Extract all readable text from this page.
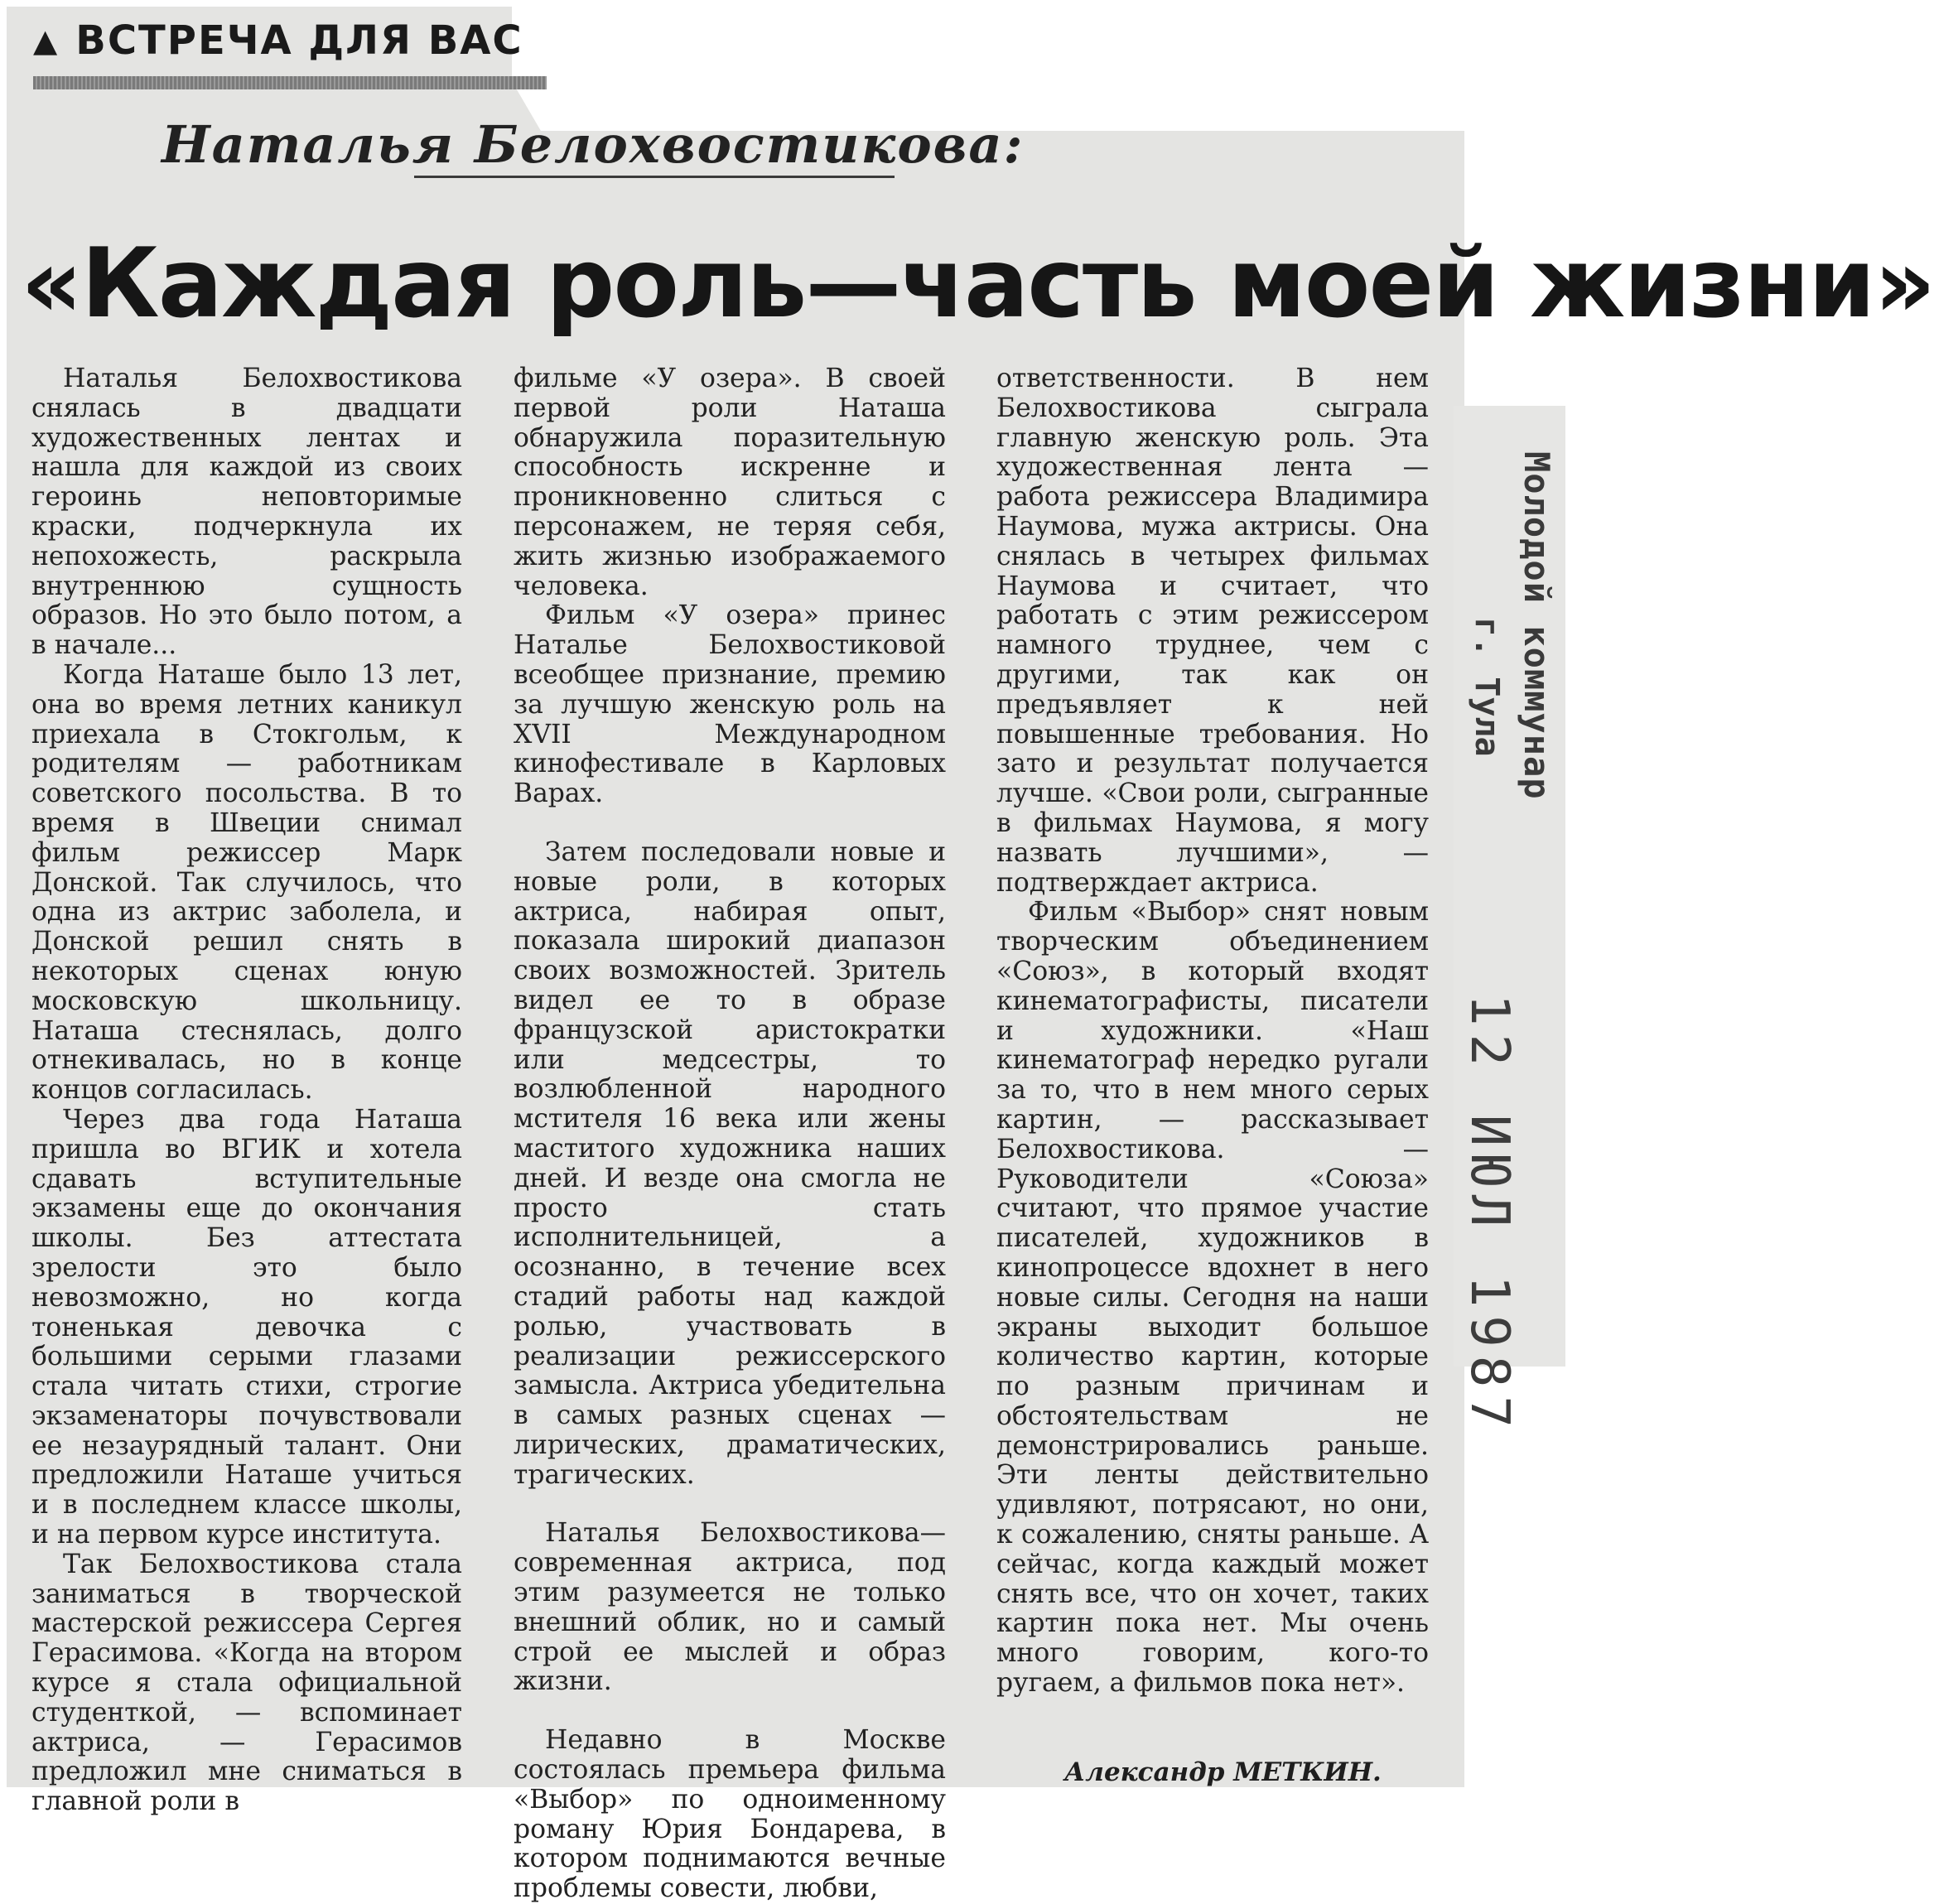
▲ ВСТРЕЧА ДЛЯ ВАС
Наталья Белохвостикова:
«Каждая роль—часть моей жизни»

Наталья Белохвостикова снялась в двадцати художественных лентах и нашла для каждой из своих героинь неповторимые краски, подчеркнула их непохожесть, раскрыла внутреннюю сущность образов. Но это было потом, а в начале...

Когда Наташе было 13 лет, она во время летних каникул приехала в Стокгольм, к родителям — работникам советского посольства. В то время в Швеции снимал фильм режиссер Марк Донской. Так случилось, что одна из актрис заболела, и Донской решил снять в некоторых сценах юную московскую школьницу. Наташа стеснялась, долго отнекивалась, но в конце концов согласилась.

Через два года Наташа пришла во ВГИК и хотела сдавать вступительные экзамены еще до окончания школы. Без аттестата зрелости это было невозможно, но когда тоненькая девочка с большими серыми глазами стала читать стихи, строгие экзаменаторы почувствовали ее незаурядный талант. Они предложили Наташе учиться и в последнем классе школы, и на первом курсе института.

Так Белохвостикова стала заниматься в творческой мастерской режиссера Сергея Герасимова. «Когда на втором курсе я стала официальной студенткой, — вспоминает актриса, — Герасимов предложил мне сниматься в главной роли в

фильме «У озера». В своей первой роли Наташа обнаружила поразительную способность искренне и проникновенно слиться с персонажем, не теряя себя, жить жизнью изображаемого человека.

Фильм «У озера» принес Наталье Белохвостиковой всеобщее признание, премию за лучшую женскую роль на XVII Международном кинофестивале в Карловых Варах.

Затем последовали новые и новые роли, в которых актриса, набирая опыт, показала широкий диапазон своих возможностей. Зритель видел ее то в образе французской аристократки или медсестры, то возлюбленной народного мстителя 16 века или жены маститого художника наших дней. И везде она смогла не просто стать исполнительницей, а осознанно, в течение всех стадий работы над каждой ролью, участвовать в реализации режиссерского замысла. Актриса убедительна в самых разных сценах — лирических, драматических, трагических.

Наталья Белохвостикова— современная актриса, под этим разумеется не только внешний облик, но и самый строй ее мыслей и образ жизни.

Недавно в Москве состоялась премьера фильма «Выбор» по одноименному роману Юрия Бондарева, в котором поднимаются вечные проблемы совести, любви,

ответственности. В нем Белохвостикова сыграла главную женскую роль. Эта художественная лента — работа режиссера Владимира Наумова, мужа актрисы. Она снялась в четырех фильмах Наумова и считает, что работать с этим режиссером намного труднее, чем с другими, так как он предъявляет к ней повышенные требования. Но зато и результат получается лучше. «Свои роли, сыгранные в фильмах Наумова, я могу назвать лучшими», — подтверждает актриса.

Фильм «Выбор» снят новым творческим объединением «Союз», в который входят кинематографисты, писатели и художники. «Наш кинематограф нередко ругали за то, что в нем много серых картин, — рассказывает Белохвостикова. — Руководители «Союза» считают, что прямое участие писателей, художников в кинопроцессе вдохнет в него новые силы. Сегодня на наши экраны выходит большое количество картин, которые по разным причинам и обстоятельствам не демонстрировались раньше. Эти ленты действительно удивляют, потрясают, но они, к сожалению, сняты раньше. А сейчас, когда каждый может снять все, что он хочет, таких картин пока нет. Мы очень много говорим, кого-то ругаем, а фильмов пока нет».

Александр МЕТКИН.
Молодой коммунар
г. Тула
12 ИЮЛ 1987
